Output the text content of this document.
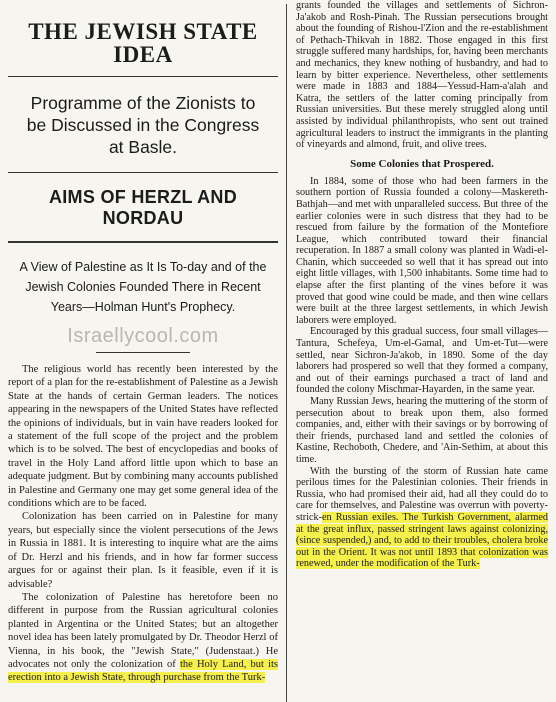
THE JEWISH STATE IDEA
Programme of the Zionists to be Discussed in the Congress at Basle.
AIMS OF HERZL AND NORDAU
A View of Palestine as It Is To-day and of the Jewish Colonies Founded There in Recent Years—Holman Hunt's Prophecy.
Israellycool.com

The religious world has recently been interested by the report of a plan for the re-establishment of Palestine as a Jewish State at the hands of certain German leaders. The notices appearing in the newspapers of the United States have reflected the opinions of individuals, but in vain have readers looked for a statement of the full scope of the project and the problem which is to be solved. The best of encyclopedias and books of travel in the Holy Land afford little upon which to base an adequate judgment. But by combining many accounts published in Palestine and Germany one may get some general idea of the conditions which are to be faced.

Colonization has been carried on in Palestine for many years, but especially since the violent persecutions of the Jews in Russia in 1881. It is interesting to inquire what are the aims of Dr. Herzl and his friends, and in how far former success argues for or against their plan. Is it feasible, even if it is advisable?

The colonization of Palestine has heretofore been no different in purpose from the Russian agricultural colonies planted in Argentina or the United States; but an altogether novel idea has been lately promulgated by Dr. Theodor Herzl of Vienna, in his book, the "Jewish State," (Judenstaat.) He advocates not only the colonization of the Holy Land, but its erection into a Jewish State, through purchase from the Turk-

grants founded the villages and settlements of Sichron-Ja'akob and Rosh-Pinah. The Russian persecutions brought about the founding of Rishou-l'Zion and the re-establishment of Pethach-Thikvah in 1882. Those engaged in this first struggle suffered many hardships, for, having been merchants and mechanics, they knew nothing of husbandry, and had to learn by bitter experience. Nevertheless, other settlements were made in 1883 and 1884—Yessud-Ham-a'alah and Katra, the settlers of the latter coming principally from Russian universities. But these merely struggled along until assisted by individual philanthropists, who sent out trained agricultural leaders to instruct the immigrants in the planting of vineyards and almond, fruit, and olive trees.

Some Colonies that Prospered.

In 1884, some of those who had been farmers in the southern portion of Russia founded a colony—Maskereth-Bathjah—and met with unparalleled success. But three of the earlier colonies were in such distress that they had to be rescued from failure by the formation of the Montefiore League, which contributed toward their financial recuperation. In 1887 a small colony was planted in Wadi-el-Chanin, which succeeded so well that it has spread out into eight little villages, with 1,500 inhabitants. Some time had to elapse after the first planting of the vines before it was proved that good wine could be made, and then wine cellars were built at the three largest settlements, in which Jewish laborers were employed.

Encouraged by this gradual success, four small villages—Tantura, Schefeya, Um-el-Gamal, and Um-et-Tut—were settled, near Sichron-Ja'akob, in 1890. Some of the day laborers had prospered so well that they formed a company, and out of their earnings purchased a tract of land and founded the colony Mischmar-Hayarden, in the same year.

Many Russian Jews, hearing the muttering of the storm of persecution about to break upon them, also formed companies, and, either with their savings or by borrowing of their friends, purchased land and settled the colonies of Kastine, Rechoboth, Chedere, and 'Ain-Sethim, at about this time.

With the bursting of the storm of Russian hate came perilous times for the Palestinian colonies. Their friends in Russia, who had promised their aid, had all they could do to care for themselves, and Palestine was overrun with poverty-strick-en Russian exiles. The Turkish Government, alarmed at the great influx, passed stringent laws against colonizing, (since suspended,) and, to add to their troubles, cholera broke out in the Orient. It was not until 1893 that colonization was renewed, under the modification of the Turk-
